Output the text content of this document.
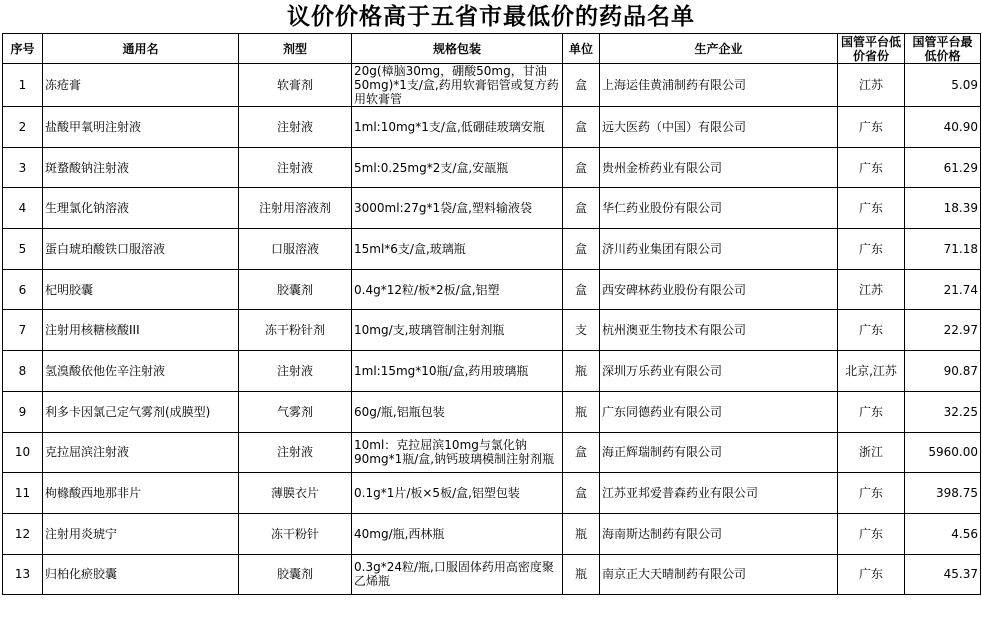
议价价格高于五省市最低价的药品名单
序号	通用名	剂型	规格包装	单位	生产企业	国管平台低价省份	国管平台最低价格
1	冻疮膏	软膏剂	20g(樟脑30mg，硼酸50mg，甘油50mg)*1支/盒,药用软膏铝管或复方药用软膏管	盒	上海运佳黄浦制药有限公司	江苏	5.09
2	盐酸甲氧明注射液	注射液	1ml:10mg*1支/盒,低硼硅玻璃安瓶	盒	远大医药（中国）有限公司	广东	40.90
3	斑蝥酸钠注射液	注射液	5ml:0.25mg*2支/盒,安瓿瓶	盒	贵州金桥药业有限公司	广东	61.29
4	生理氯化钠溶液	注射用溶液剂	3000ml:27g*1袋/盒,塑料输液袋	盒	华仁药业股份有限公司	广东	18.39
5	蛋白琥珀酸铁口服溶液	口服溶液	15ml*6支/盒,玻璃瓶	盒	济川药业集团有限公司	广东	71.18
6	杞明胶囊	胶囊剂	0.4g*12粒/板*2板/盒,铝塑	盒	西安碑林药业股份有限公司	江苏	21.74
7	注射用核糖核酸III	冻干粉针剂	10mg/支,玻璃管制注射剂瓶	支	杭州澳亚生物技术有限公司	广东	22.97
8	氢溴酸依他佐辛注射液	注射液	1ml:15mg*10瓶/盒,药用玻璃瓶	瓶	深圳万乐药业有限公司	北京,江苏	90.87
9	利多卡因氯己定气雾剂(成膜型)	气雾剂	60g/瓶,铝瓶包装	瓶	广东同德药业有限公司	广东	32.25
10	克拉屈滨注射液	注射液	10ml：克拉屈滨10mg与氯化钠90mg*1瓶/盒,钠钙玻璃模制注射剂瓶	盒	海正辉瑞制药有限公司	浙江	5960.00
11	枸橼酸西地那非片	薄膜衣片	0.1g*1片/板×5板/盒,铝塑包装	盒	江苏亚邦爱普森药业有限公司	广东	398.75
12	注射用炎琥宁	冻干粉针	40mg/瓶,西林瓶	瓶	海南斯达制药有限公司	广东	4.56
13	归柏化瘀胶囊	胶囊剂	0.3g*24粒/瓶,口服固体药用高密度聚乙烯瓶	瓶	南京正大天晴制药有限公司	广东	45.37
